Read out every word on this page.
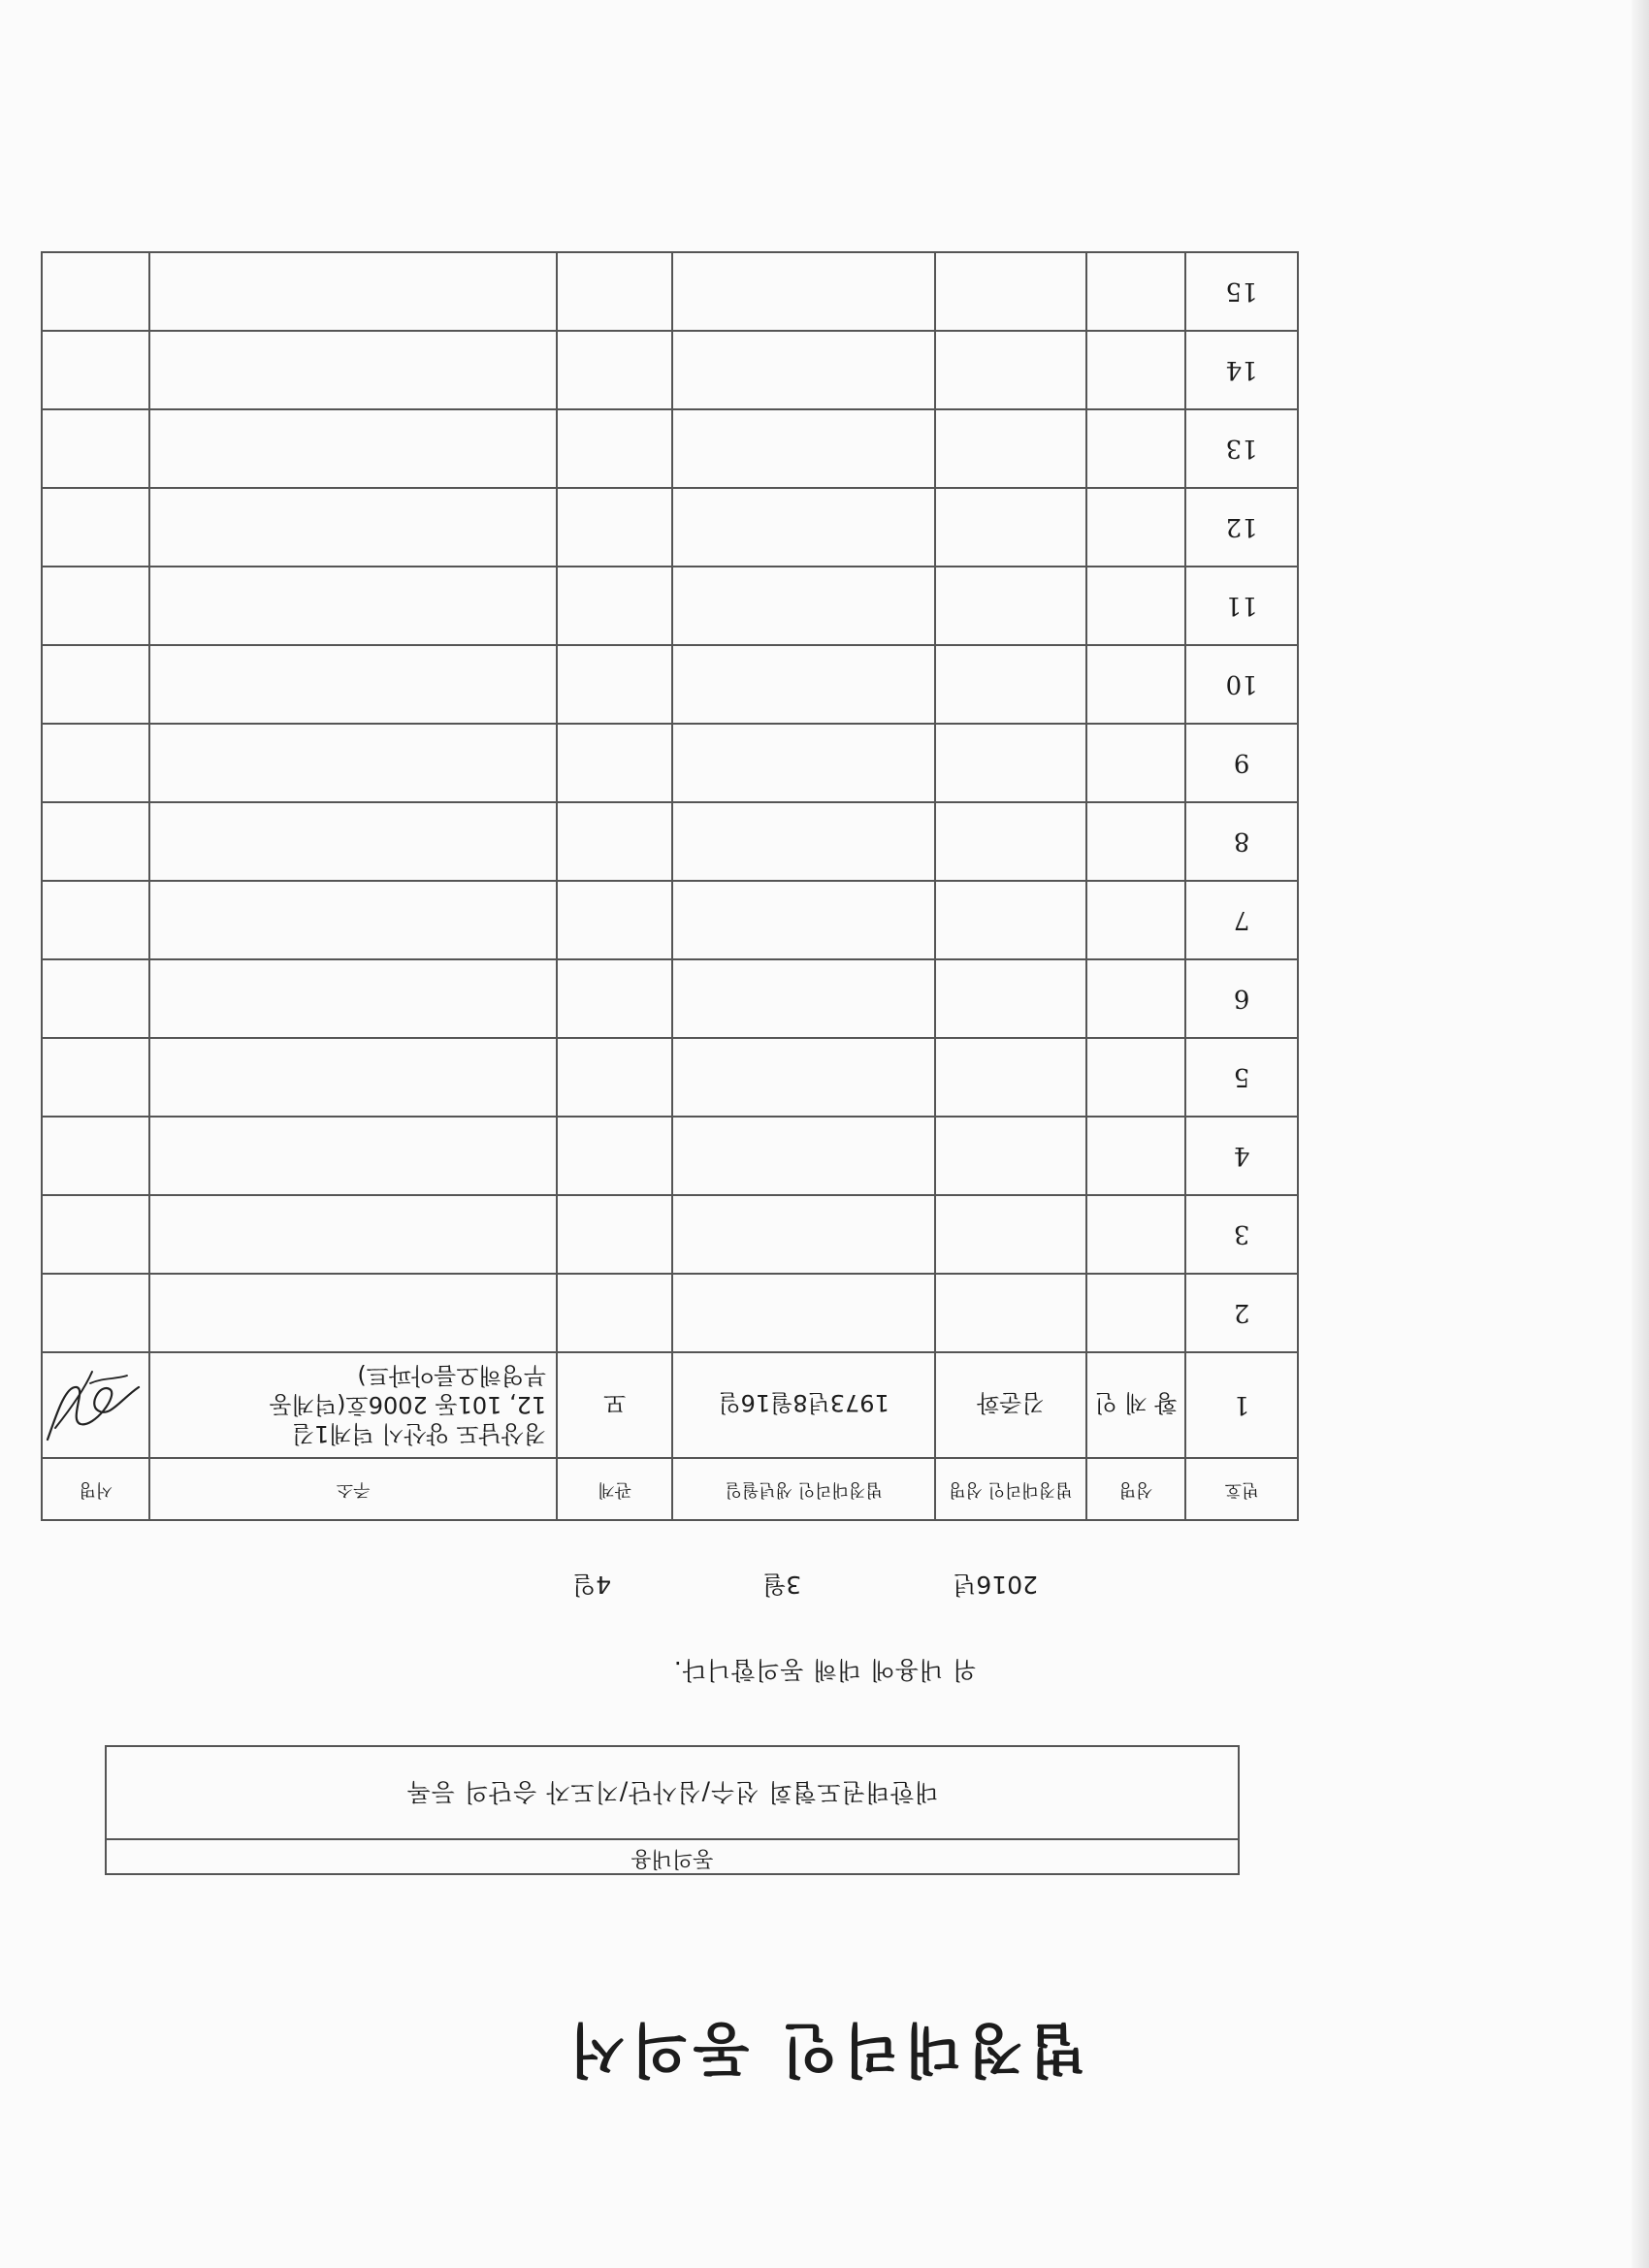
법정대리인 동의서
동의내용
대한태권도협회 선수/심사단/지도자 승단의 등록
위 내용에 대해 동의합니다.
2016년
3월
4일
번호	성명	법정대리인 성명	법정대리인 생년월일	관계	주소	서명
1	황 제 인	김준화	1973년8월16일	모	경상남도 양산시 덕계1길
12, 101동 2006호(덕계동
부영해오름아파트)

2						
3						
4						
5						
6						
7						
8						
9						
10						
11						
12						
13						
14						
15						
